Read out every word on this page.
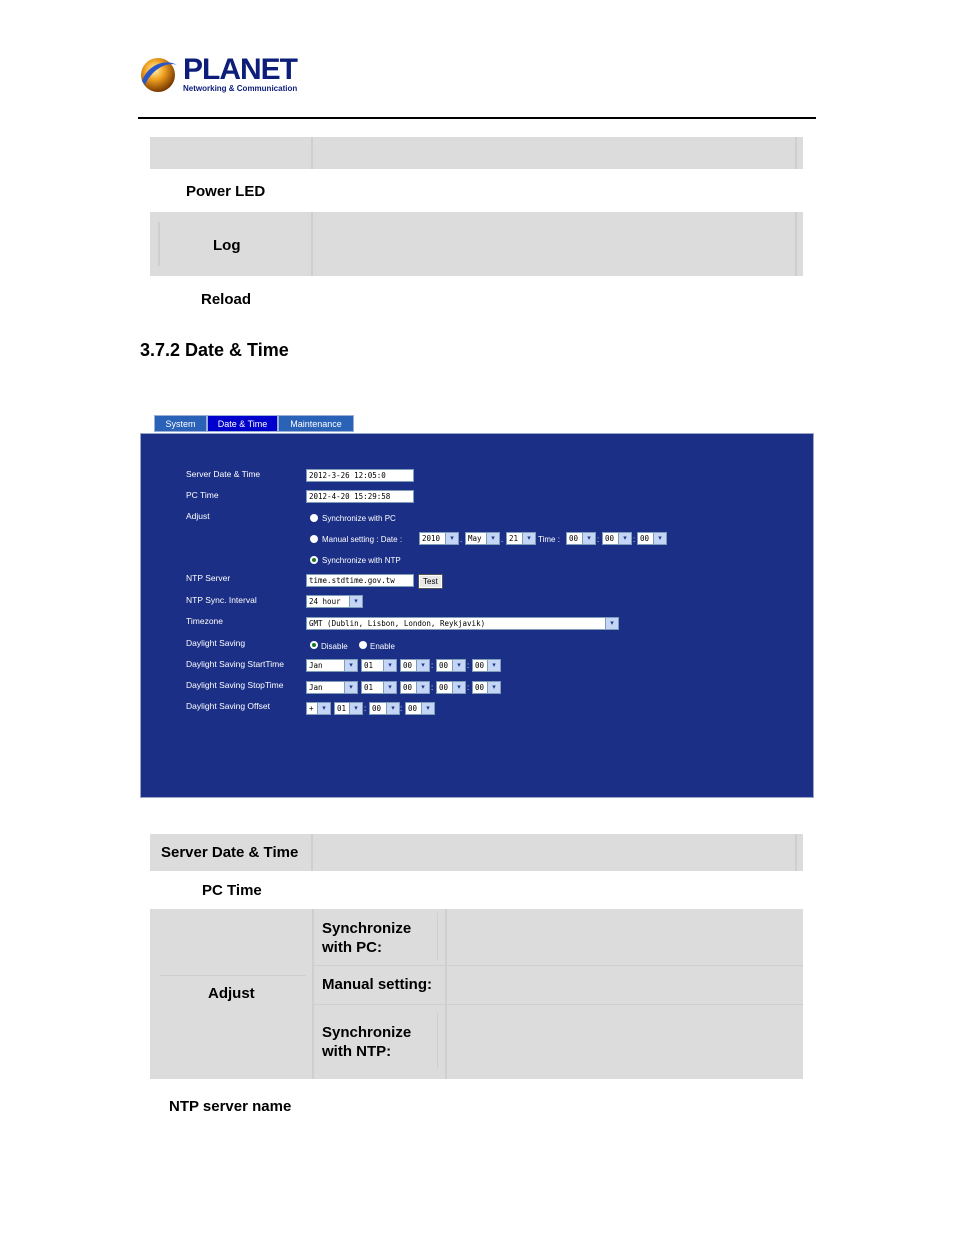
PLANET
Networking & Communication
Power LED
Log
Reload
3.7.2 Date & Time
System	Date & Time	Maintenance
Server Date & Time	2012-3-26 12:05:0
PC Time	2012-4-20 15:29:58
Adjust	Synchronize with PC
Manual setting : Date :	2010	▾ . May	▾ . 21	▾ Time :	00	▾ : 00	▾ : 00	▾
Synchronize with NTP
NTP Server	time.stdtime.gov.tw	Test
NTP Sync. Interval	24 hour	▾
Timezone	GMT (Dublin, Lisbon, London, Reykjavik)	▾
Daylight Saving	Disable	Enable
Daylight Saving StartTime	Jan	▾	01	▾	00	▾ : 00	▾ : 00	▾
Daylight Saving StopTime	Jan	▾	01	▾	00	▾ : 00	▾ : 00	▾
Daylight Saving Offset	+	▾	01	▾ : 00	▾ : 00	▾
Server Date & Time
PC Time
Adjust
Synchronize with PC:
Manual setting:
Synchronize with NTP:
NTP server name
